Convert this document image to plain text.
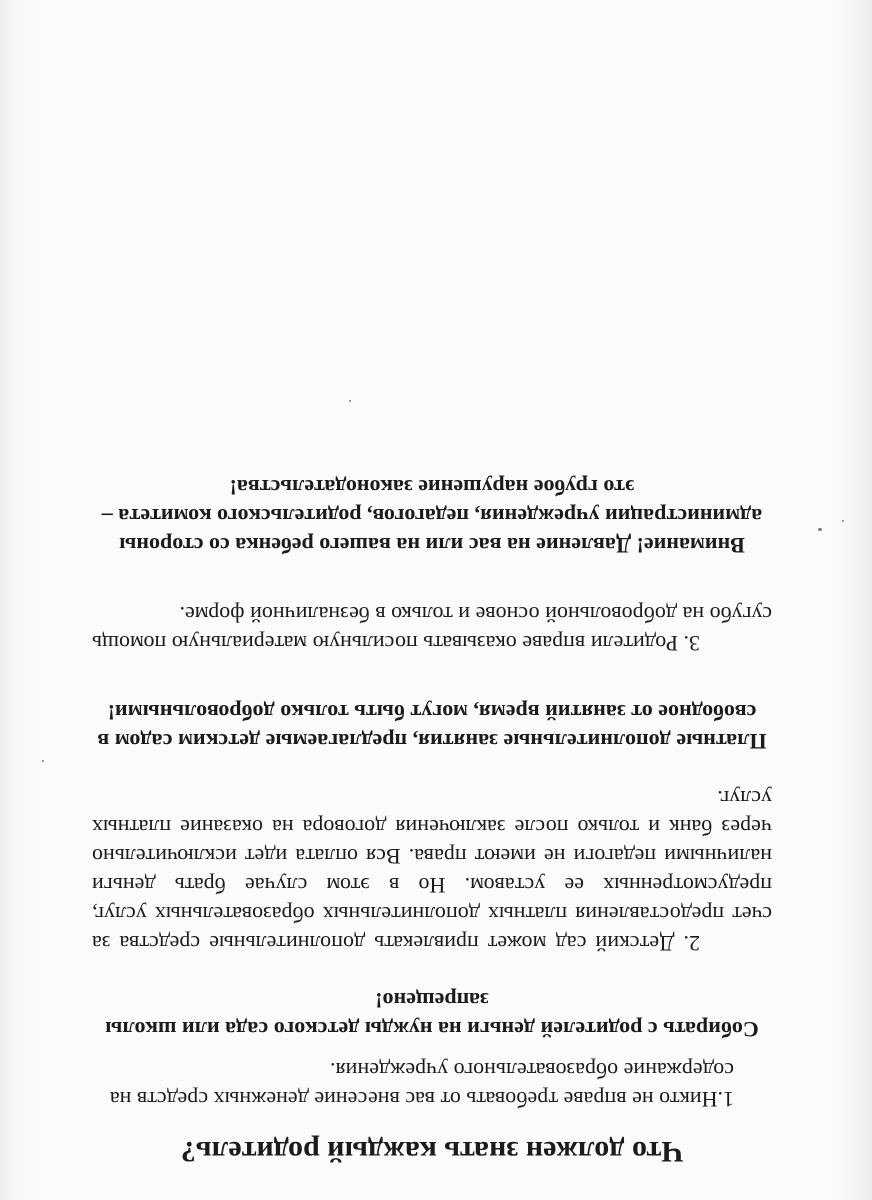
Что должен знать каждый родитель?

1.Никто не вправе требовать от вас внесение денежных средств на содержание образовательного учреждения.

Собирать с родителей деньги на нужды детского сада или школы запрещено!

2. Детский сад может привлекать дополнительные средства за счет предоставления платных дополнительных образовательных услуг, предусмотренных ее уставом. Но в этом случае брать деньги наличными педагоги не имеют права. Вся оплата идет исключительно через банк и только после заключения договора на оказание платных услуг.

Платные дополнительные занятия, предлагаемые детским садом в свободное от занятий время, могут быть только добровольными!

3. Родители вправе оказывать посильную материальную помощь сугубо на добровольной основе и только в безналичной форме.

Внимание! Давление на вас или на вашего ребенка со стороны администрации учреждения, педагогов, родительского комитета – это грубое нарушение законодательства!
